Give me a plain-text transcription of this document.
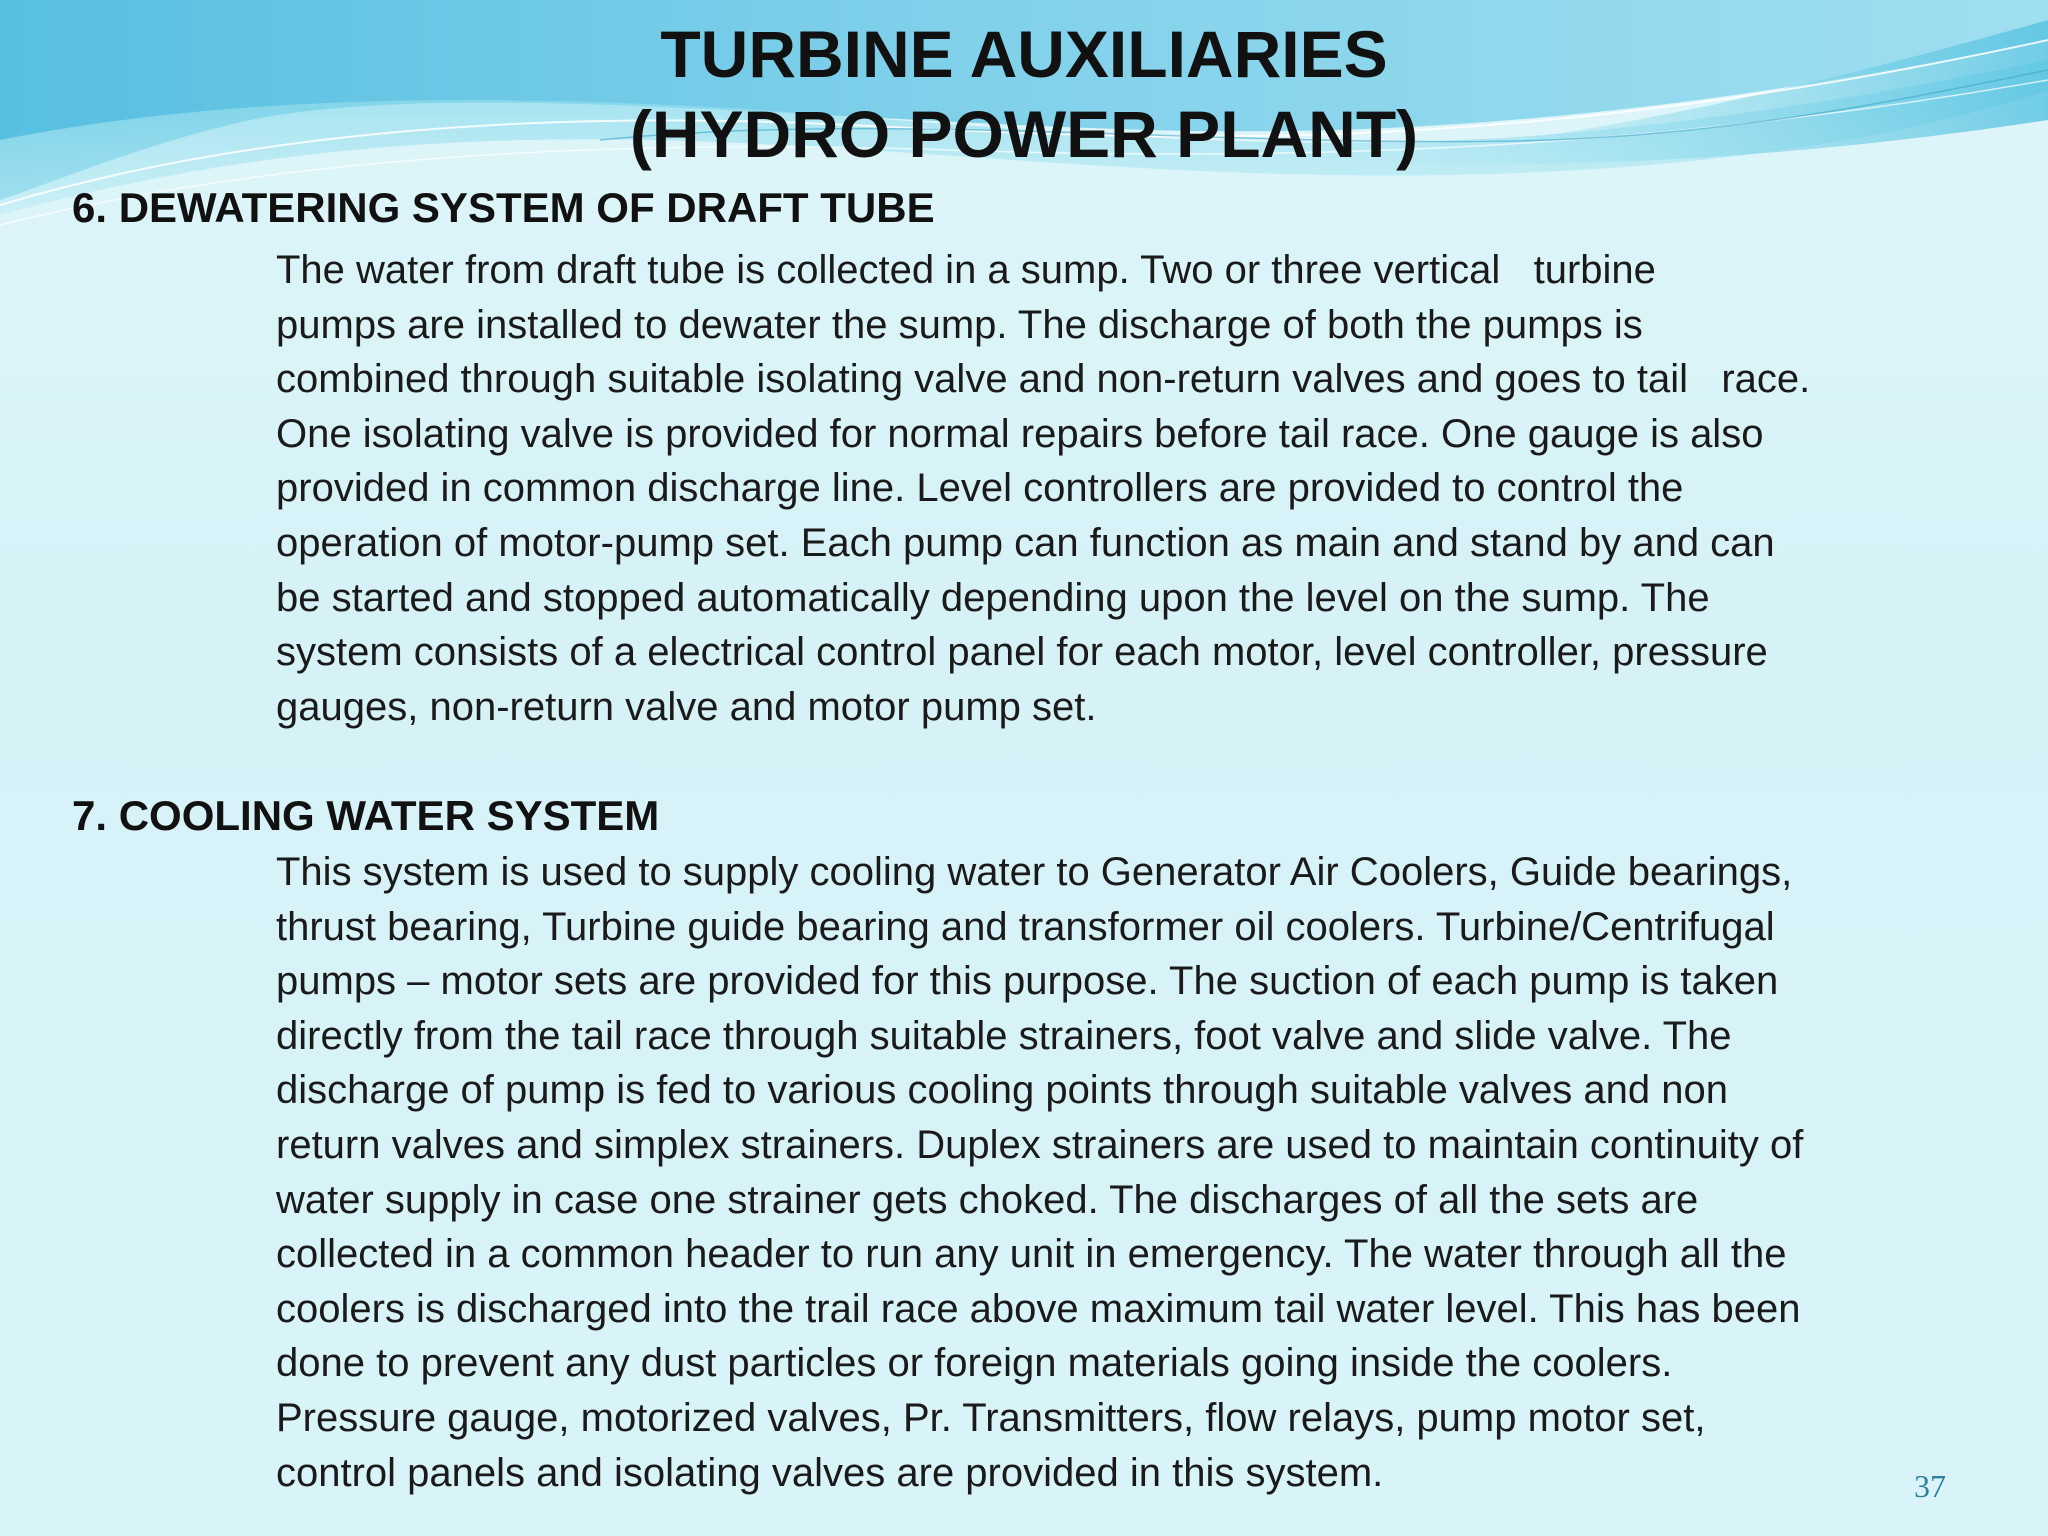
TURBINE AUXILIARIES
(HYDRO POWER PLANT)
6. DEWATERING SYSTEM OF DRAFT TUBE
The water from draft tube is collected in a sump. Two or three vertical   turbine
pumps are installed to dewater the sump. The discharge of both the pumps is
combined through suitable isolating valve and non-return valves and goes to tail   race.
One isolating valve is provided for normal repairs before tail race. One gauge is also
provided in common discharge line. Level controllers are provided to control the
operation of motor-pump set. Each pump can function as main and stand by and can
be started and stopped automatically depending upon the level on the sump. The
system consists of a electrical control panel for each motor, level controller, pressure
gauges, non-return valve and motor pump set.
7. COOLING WATER SYSTEM
This system is used to supply cooling water to Generator Air Coolers, Guide bearings,
thrust bearing, Turbine guide bearing and transformer oil coolers. Turbine/Centrifugal
pumps – motor sets are provided for this purpose. The suction of each pump is taken
directly from the tail race through suitable strainers, foot valve and slide valve. The
discharge of pump is fed to various cooling points through suitable valves and non
return valves and simplex strainers. Duplex strainers are used to maintain continuity of
water supply in case one strainer gets choked. The discharges of all the sets are
collected in a common header to run any unit in emergency. The water through all the
coolers is discharged into the trail race above maximum tail water level. This has been
done to prevent any dust particles or foreign materials going inside the coolers.
Pressure gauge, motorized valves, Pr. Transmitters, flow relays, pump motor set,
control panels and isolating valves are provided in this system.	37
